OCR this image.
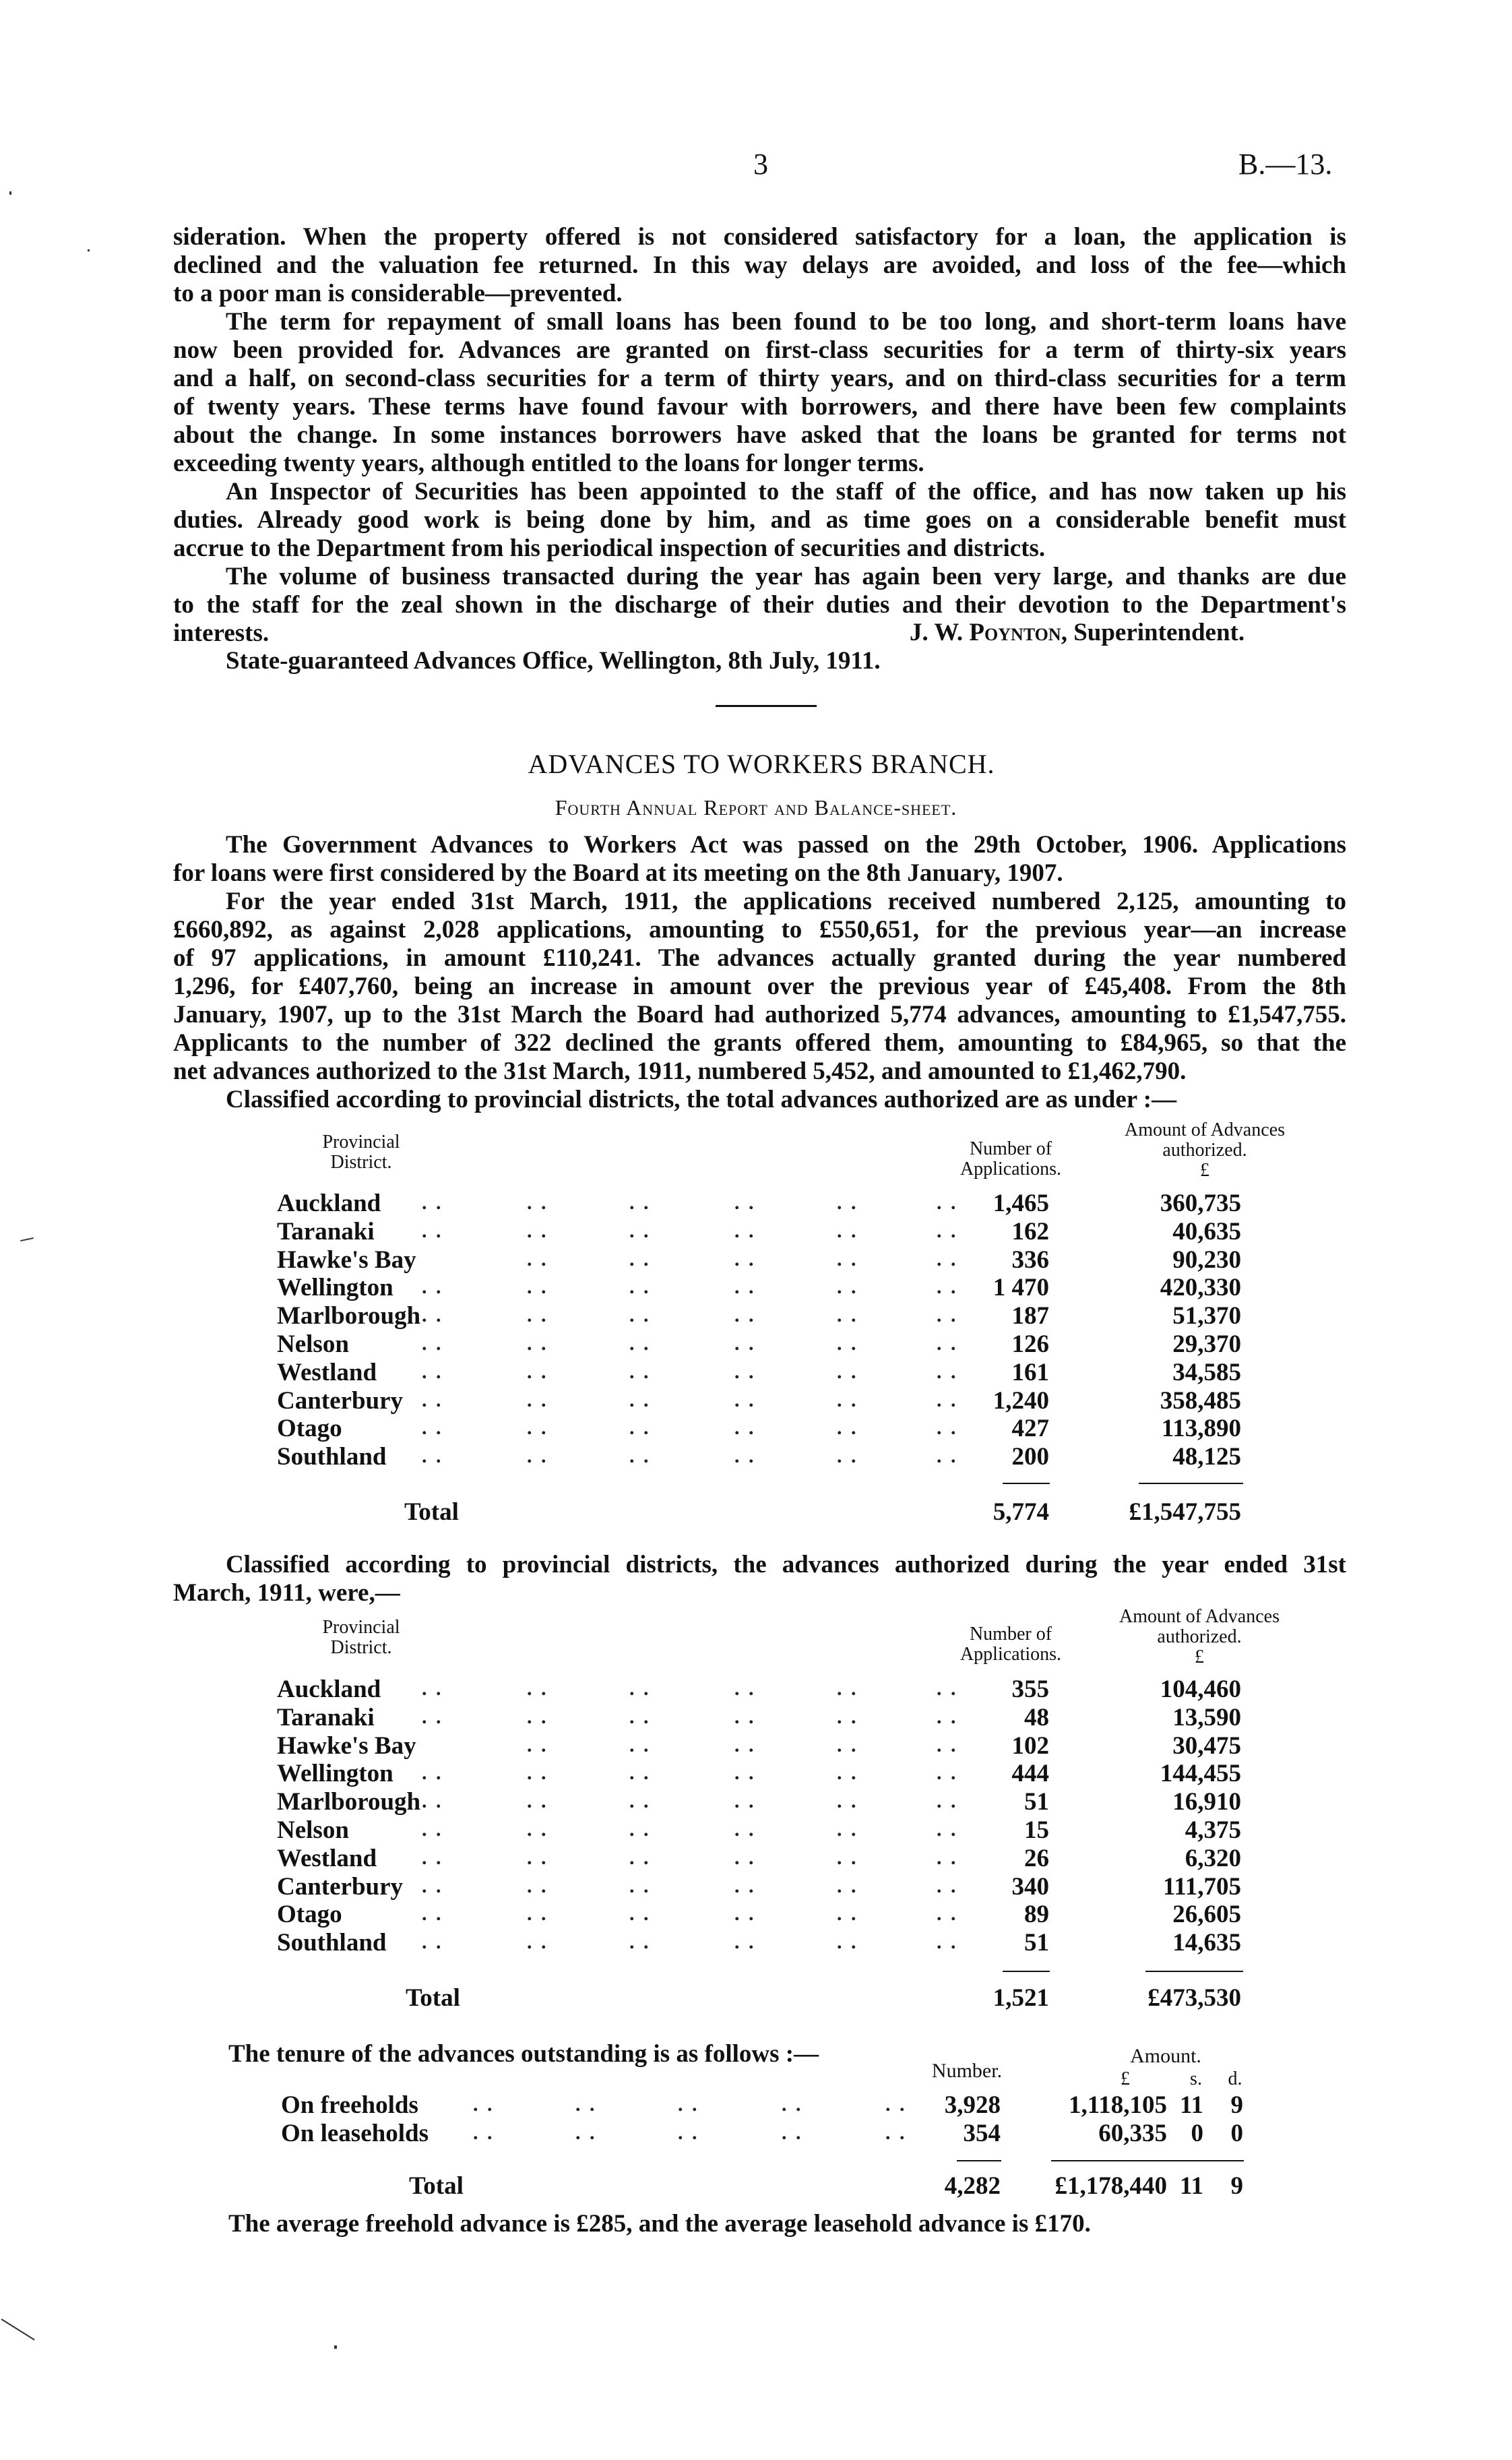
3	B.—13.
sideration. When the property offered is not considered satisfactory for a loan, the application is
declined and the valuation fee returned. In this way delays are avoided, and loss of the fee—which
to a poor man is considerable—prevented.
The term for repayment of small loans has been found to be too long, and short-term loans have
now been provided for. Advances are granted on first-class securities for a term of thirty-six years
and a half, on second-class securities for a term of thirty years, and on third-class securities for a term
of twenty years. These terms have found favour with borrowers, and there have been few complaints
about the change. In some instances borrowers have asked that the loans be granted for terms not
exceeding twenty years, although entitled to the loans for longer terms.
An Inspector of Securities has been appointed to the staff of the office, and has now taken up his
duties. Already good work is being done by him, and as time goes on a considerable benefit must
accrue to the Department from his periodical inspection of securities and districts.
The volume of business transacted during the year has again been very large, and thanks are due
to the staff for the zeal shown in the discharge of their duties and their devotion to the Department's
interests.	J. W. Poynton, Superintendent.
State-guaranteed Advances Office, Wellington, 8th July, 1911.
ADVANCES TO WORKERS BRANCH.
Fourth Annual Report and Balance-sheet.
The Government Advances to Workers Act was passed on the 29th October, 1906. Applications
for loans were first considered by the Board at its meeting on the 8th January, 1907.
For the year ended 31st March, 1911, the applications received numbered 2,125, amounting to
£660,892, as against 2,028 applications, amounting to £550,651, for the previous year—an increase
of 97 applications, in amount £110,241. The advances actually granted during the year numbered
1,296, for £407,760, being an increase in amount over the previous year of £45,408. From the 8th
January, 1907, up to the 31st March the Board had authorized 5,774 advances, amounting to £1,547,755.
Applicants to the number of 322 declined the grants offered them, amounting to £84,965, so that the
net advances authorized to the 31st March, 1911, numbered 5,452, and amounted to £1,462,790.
Classified according to provincial districts, the total advances authorized are as under :—
Provincial
District.
Number of
Applications.
Amount of Advances
authorized.
£
Auckland	1,465	360,735
. .	. .	. .	. .	. .	. .
Taranaki	162	40,635
. .	. .	. .	. .	. .	. .
Hawke's Bay	336	90,230
. .	. .	. .	. .	. .
Wellington	1 470	420,330
. .	. .	. .	. .	. .	. .
Marlborough	187	51,370
. .	. .	. .	. .	. .	. .
Nelson	126	29,370
. .	. .	. .	. .	. .	. .
Westland	161	34,585
. .	. .	. .	. .	. .	. .
Canterbury	1,240	358,485
. .	. .	. .	. .	. .	. .
Otago	427	113,890
. .	. .	. .	. .	. .	. .
Southland	200	48,125
. .	. .	. .	. .	. .	. .
Total	5,774	£1,547,755
Classified according to provincial districts, the advances authorized during the year ended 31st
March, 1911, were,—
Provincial
District.
Number of
Applications.
Amount of Advances
authorized.
£
Auckland	355	104,460
. .	. .	. .	. .	. .	. .
Taranaki	48	13,590
. .	. .	. .	. .	. .	. .
Hawke's Bay	102	30,475
. .	. .	. .	. .	. .
Wellington	444	144,455
. .	. .	. .	. .	. .	. .
Marlborough	51	16,910
. .	. .	. .	. .	. .	. .
Nelson	15	4,375
. .	. .	. .	. .	. .	. .
Westland	26	6,320
. .	. .	. .	. .	. .	. .
Canterbury	340	111,705
. .	. .	. .	. .	. .	. .
Otago	89	26,605
. .	. .	. .	. .	. .	. .
Southland	51	14,635
. .	. .	. .	. .	. .	. .
Total	1,521	£473,530
The tenure of the advances outstanding is as follows :—
Number.
Amount.
£	s. d.
On freeholds	3,928	1,118,105 11	9
. .	. .	. .	. .	. .
On leaseholds	354	60,335 0	0
. .	. .	. .	. .	. .
Total	4,282	£1,178,440 11	9
The average freehold advance is £285, and the average leasehold advance is £170.
